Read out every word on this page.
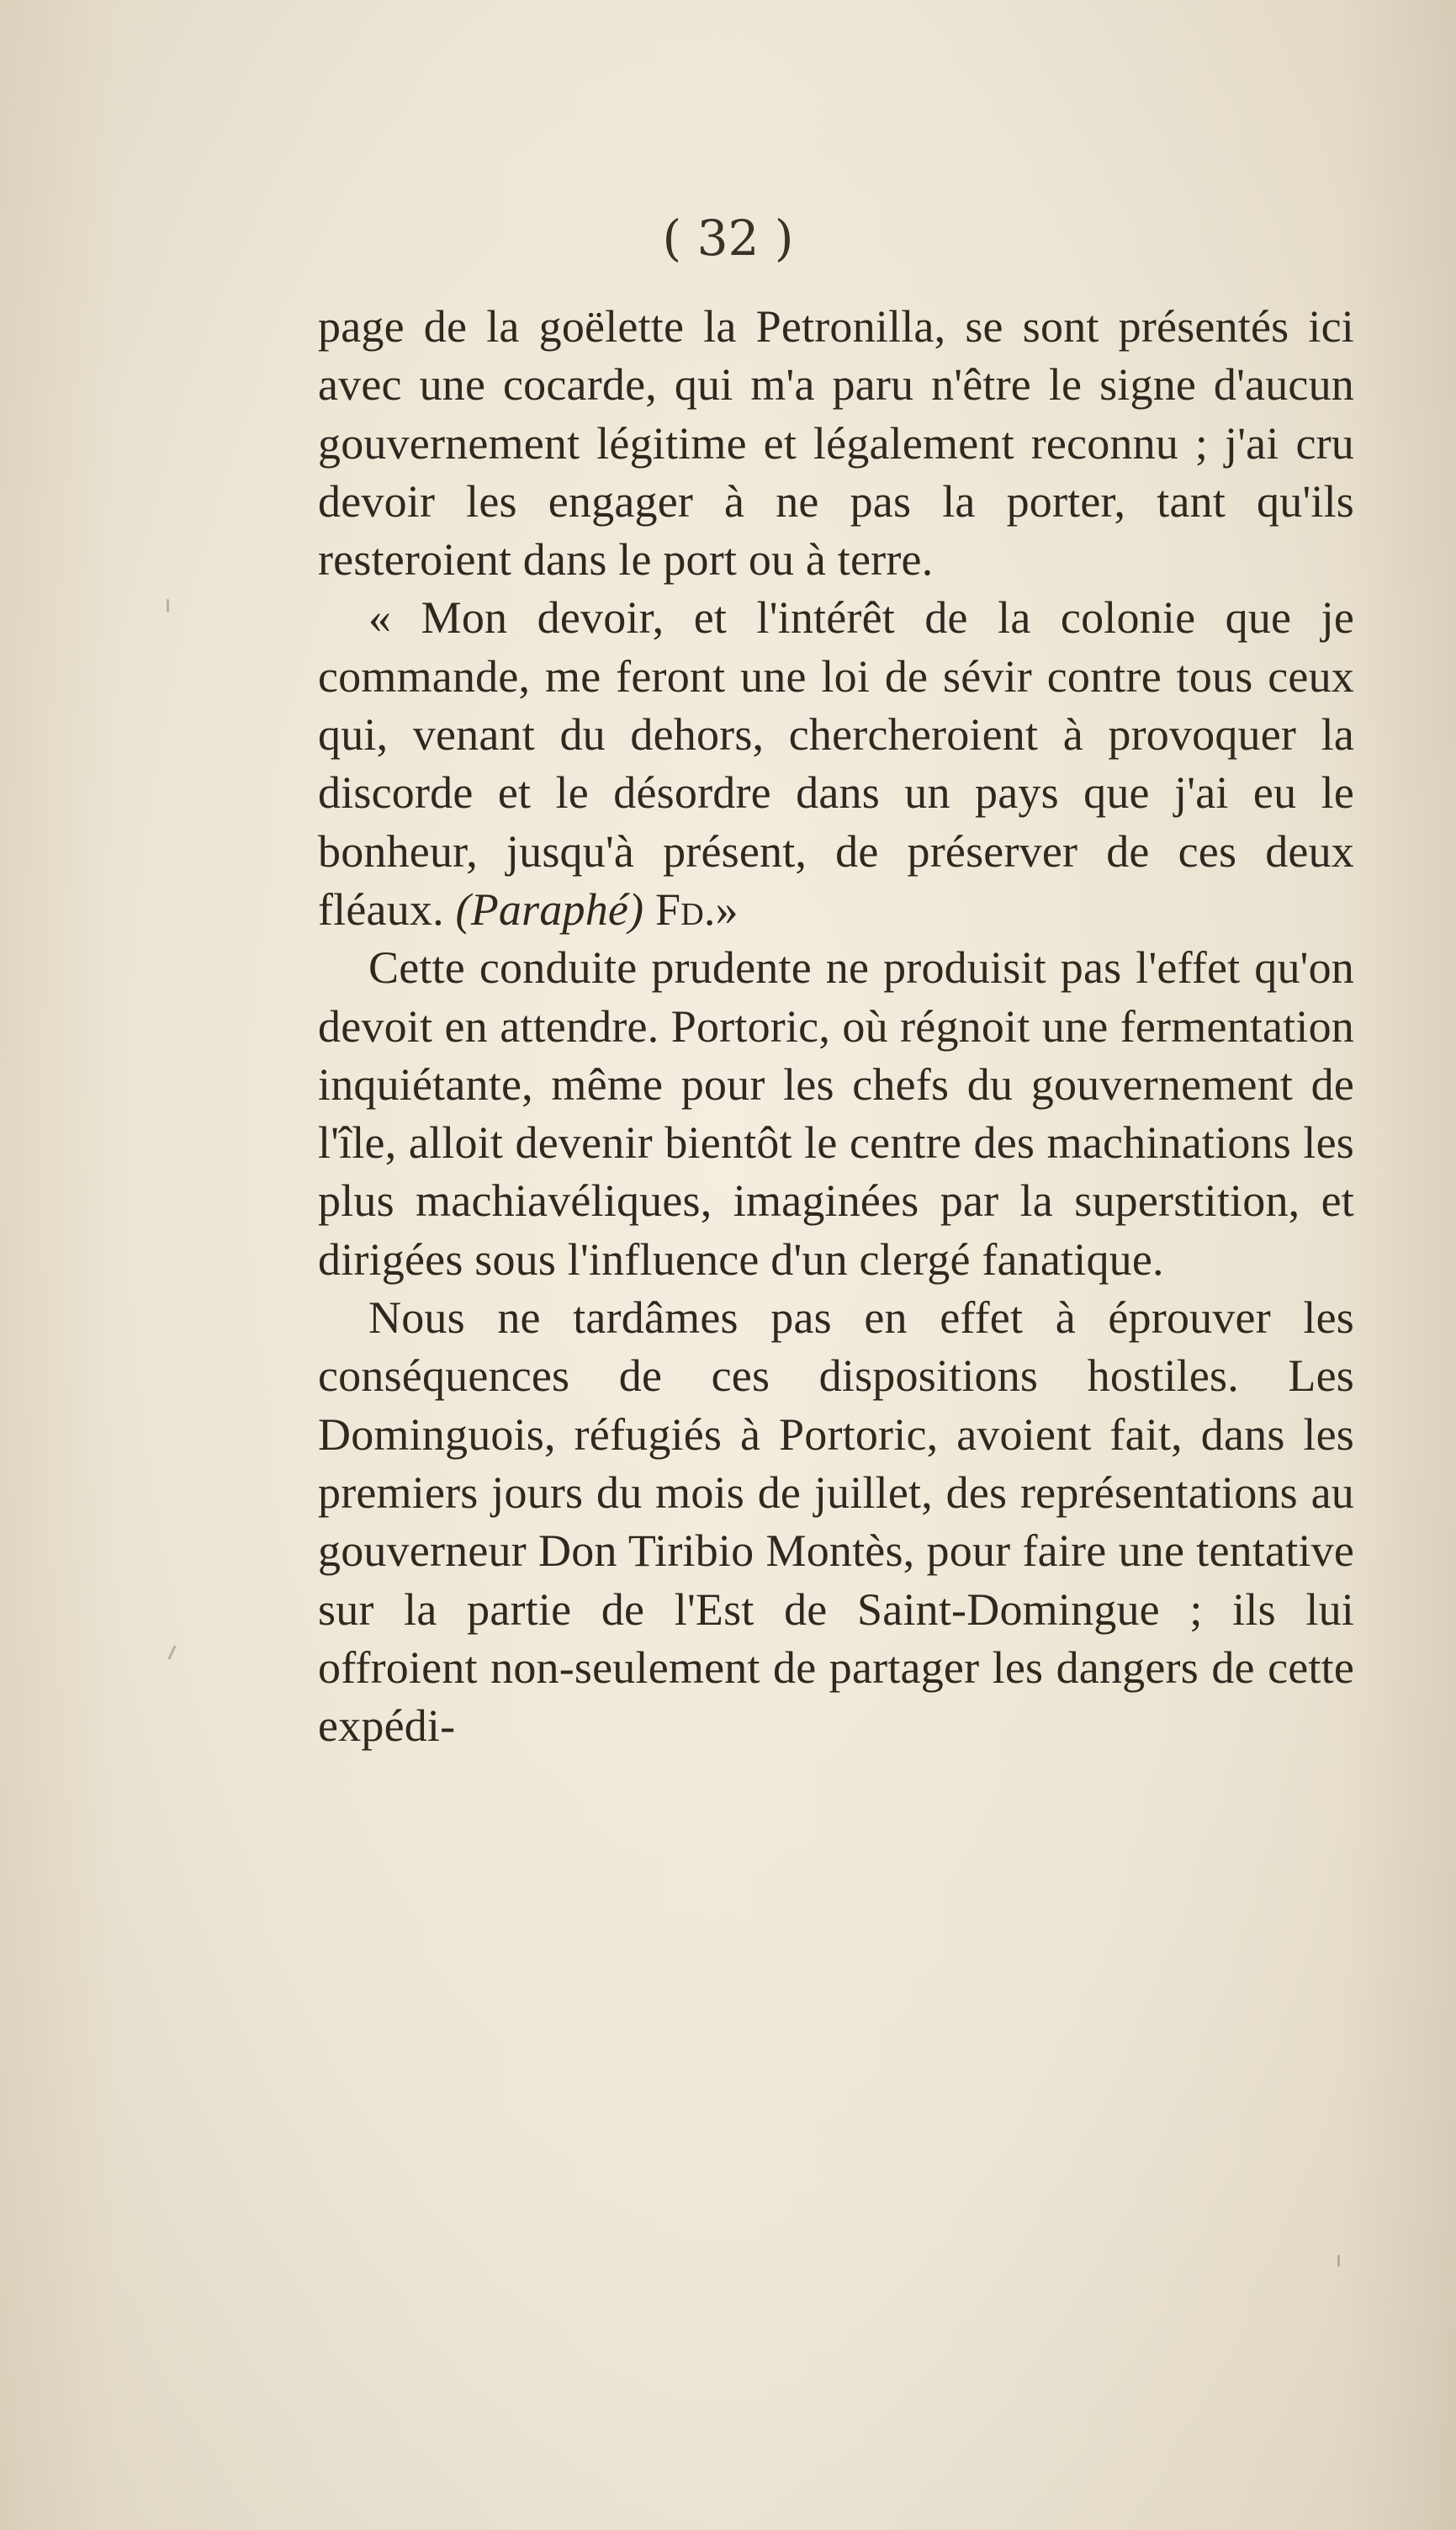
( 32 )

page de la goëlette la Petronilla, se sont présentés ici avec une cocarde, qui m'a paru n'être le signe d'aucun gouvernement légitime et légalement reconnu ; j'ai cru devoir les engager à ne pas la porter, tant qu'ils resteroient dans le port ou à terre.

« Mon devoir, et l'intérêt de la colonie que je commande, me feront une loi de sévir contre tous ceux qui, venant du dehors, chercheroient à provoquer la discorde et le désordre dans un pays que j'ai eu le bonheur, jusqu'à présent, de préserver de ces deux fléaux. (Paraphé) Fd.»

Cette conduite prudente ne produisit pas l'effet qu'on devoit en attendre. Portoric, où régnoit une fermentation inquiétante, même pour les chefs du gouvernement de l'île, alloit devenir bientôt le centre des machinations les plus machiavéliques, imaginées par la superstition, et dirigées sous l'influence d'un clergé fanatique.

Nous ne tardâmes pas en effet à éprouver les conséquences de ces dispositions hostiles. Les Dominguois, réfugiés à Portoric, avoient fait, dans les premiers jours du mois de juillet, des représentations au gouverneur Don Tiribio Montès, pour faire une tentative sur la partie de l'Est de Saint-Domingue ; ils lui offroient non-seulement de partager les dangers de cette expédi-
